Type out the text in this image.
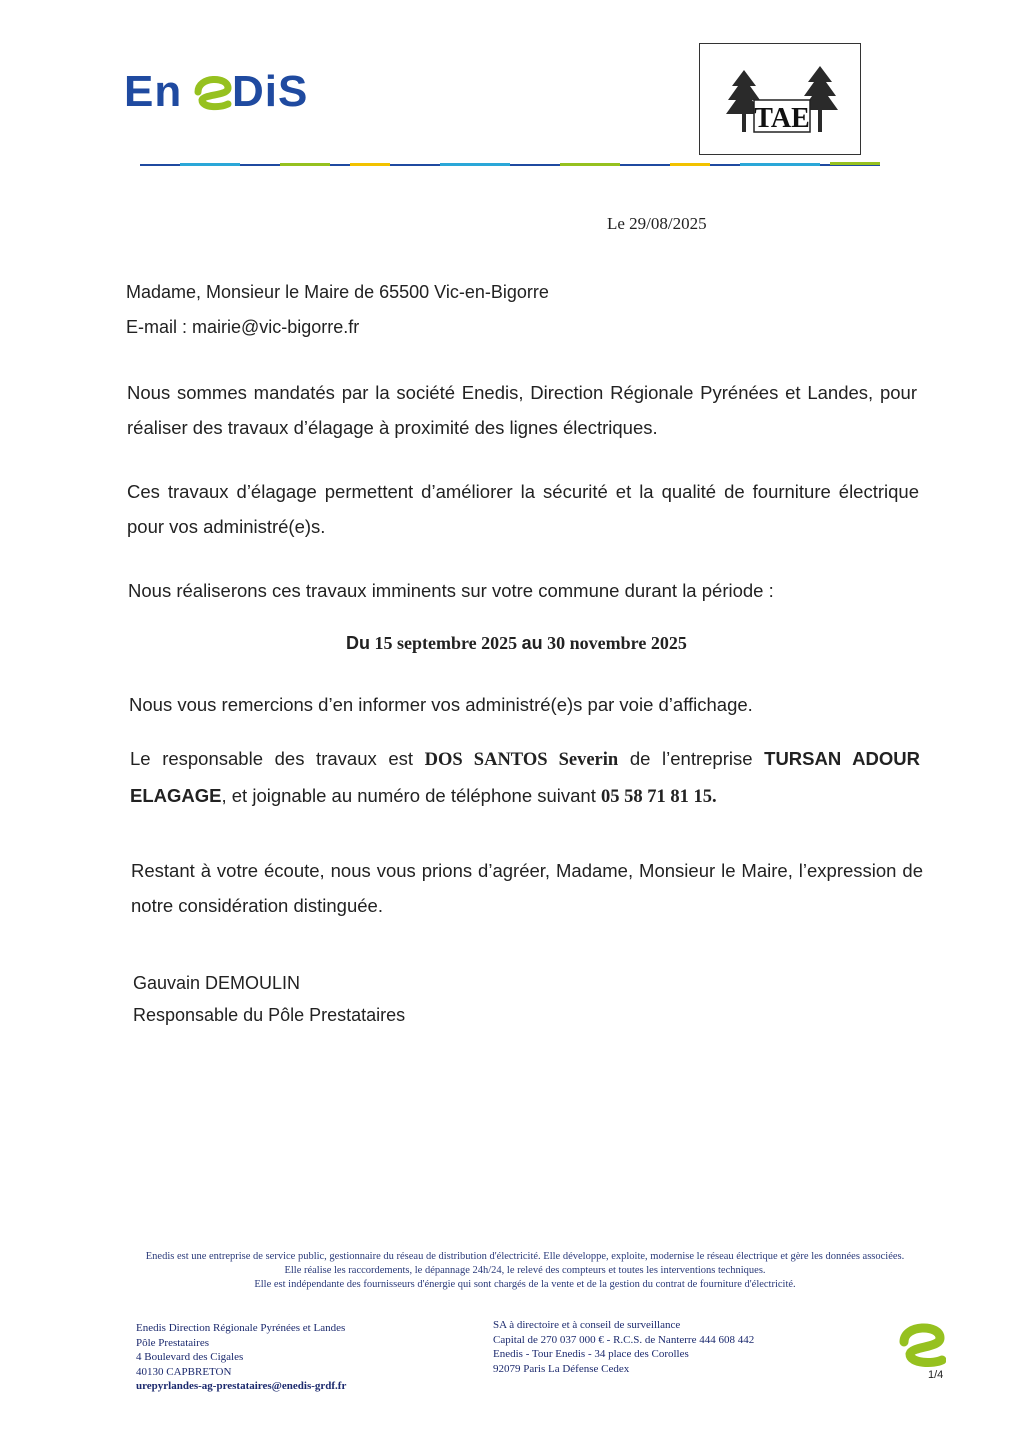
En DiS
TAE
Le 29/08/2025
Madame, Monsieur le Maire de 65500 Vic-en-Bigorre
E-mail : mairie@vic-bigorre.fr
Nous sommes mandatés par la société Enedis, Direction Régionale Pyrénées et Landes, pour réaliser des travaux d’élagage à proximité des lignes électriques.
Ces travaux d’élagage permettent d’améliorer la sécurité et la qualité de fourniture électrique pour vos administré(e)s.
Nous réaliserons ces travaux imminents sur votre commune durant la période :
Du 15 septembre 2025 au 30 novembre 2025
Nous vous remercions d’en informer vos administré(e)s par voie d’affichage.
Le responsable des travaux est DOS SANTOS Severin de l’entreprise TURSAN ADOUR ELAGAGE, et joignable au numéro de téléphone suivant 05 58 71 81 15.
Restant à votre écoute, nous vous prions d’agréer, Madame, Monsieur le Maire, l’expression de notre considération distinguée.
Gauvain DEMOULIN
Responsable du Pôle Prestataires
Enedis est une entreprise de service public, gestionnaire du réseau de distribution d'électricité. Elle développe, exploite, modernise le réseau électrique et gère les données associées.
Elle réalise les raccordements, le dépannage 24h/24, le relevé des compteurs et toutes les interventions techniques.
Elle est indépendante des fournisseurs d'énergie qui sont chargés de la vente et de la gestion du contrat de fourniture d'électricité.
Enedis Direction Régionale Pyrénées et Landes
Pôle Prestataires
4 Boulevard des Cigales
40130 CAPBRETON
urepyrlandes-ag-prestataires@enedis-grdf.fr
SA à directoire et à conseil de surveillance
Capital de 270 037 000 € - R.C.S. de Nanterre 444 608 442
Enedis - Tour Enedis - 34 place des Corolles
92079 Paris La Défense Cedex
1/4
